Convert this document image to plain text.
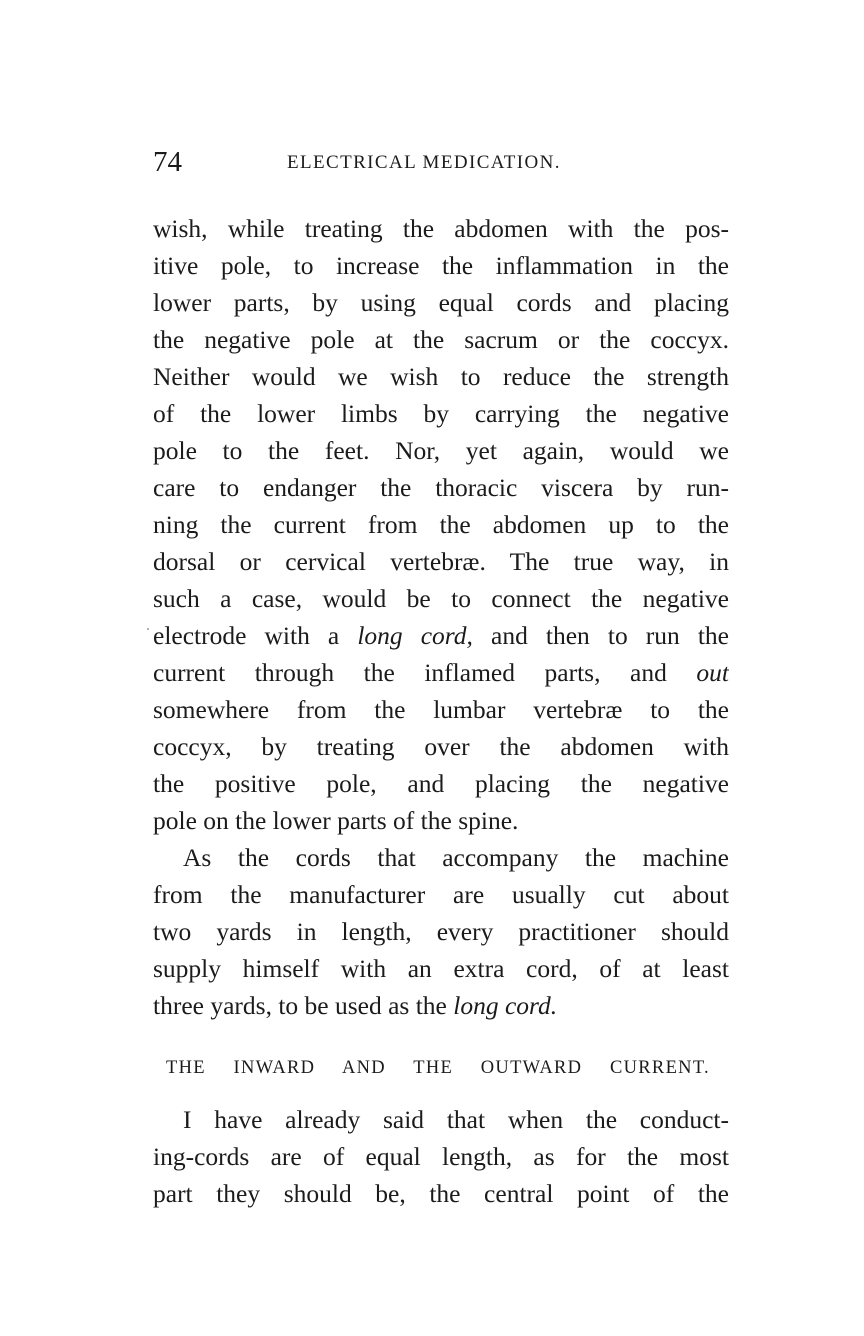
74	ELECTRICAL MEDICATION.
wish, while treating the abdomen with the pos-
itive pole, to increase the inflammation in the
lower parts, by using equal cords and placing
the negative pole at the sacrum or the coccyx.
Neither would we wish to reduce the strength
of the lower limbs by carrying the negative
pole to the feet. Nor, yet again, would we
care to endanger the thoracic viscera by run-
ning the current from the abdomen up to the
dorsal or cervical vertebræ. The true way, in
such a case, would be to connect the negative
electrode with a long cord, and then to run the
current through the inflamed parts, and out
somewhere from the lumbar vertebræ to the
coccyx, by treating over the abdomen with
the positive pole, and placing the negative
pole on the lower parts of the spine.
As the cords that accompany the machine
from the manufacturer are usually cut about
two yards in length, every practitioner should
supply himself with an extra cord, of at least
three yards, to be used as the long cord.
THE INWARD AND THE OUTWARD CURRENT.
I have already said that when the conduct-
ing-cords are of equal length, as for the most
part they should be, the central point of the
